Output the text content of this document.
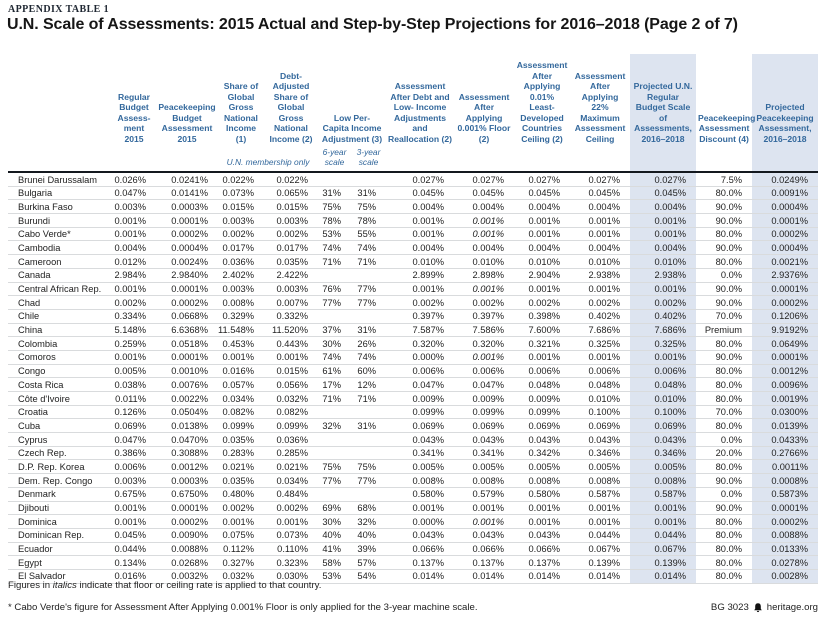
APPENDIX TABLE 1
U.N. Scale of Assessments: 2015 Actual and Step-by-Step Projections for 2016–2018 (Page 2 of 7)
	Regular Budget Assess- ment 2015	Peacekeeping Budget Assessment 2015	Share of Global Gross National Income (1)	Debt- Adjusted Share of Global Gross National Income (2)	Low Per- Capita Income Adjustment (3)		Assessment After Debt and Low- Income Adjustments and Reallocation (2)	Assessment After Applying 0.001% Floor (2)	Assessment After Applying 0.01% Least- Developed Countries Ceiling (2)	Assessment After Applying 22% Maximum Assessment Ceiling	Projected U.N. Regular Budget Scale of Assessments, 2016–2018	Peacekeeping Assessment Discount (4)	Projected Peacekeeping Assessment, 2016–2018
			U.N. membership only		6-year scale	3-year scale							
Brunei Darussalam	0.026%	0.0241%	0.022%	0.022%			0.027%	0.027%	0.027%	0.027%	0.027%	7.5%	0.0249%
Bulgaria	0.047%	0.0141%	0.073%	0.065%	31%	31%	0.045%	0.045%	0.045%	0.045%	0.045%	80.0%	0.0091%
Burkina Faso	0.003%	0.0003%	0.015%	0.015%	75%	75%	0.004%	0.004%	0.004%	0.004%	0.004%	90.0%	0.0004%
Burundi	0.001%	0.0001%	0.003%	0.003%	78%	78%	0.001%	0.001%	0.001%	0.001%	0.001%	90.0%	0.0001%
Cabo Verde*	0.001%	0.0002%	0.002%	0.002%	53%	55%	0.001%	0.001%	0.001%	0.001%	0.001%	80.0%	0.0002%
Cambodia	0.004%	0.0004%	0.017%	0.017%	74%	74%	0.004%	0.004%	0.004%	0.004%	0.004%	90.0%	0.0004%
Cameroon	0.012%	0.0024%	0.036%	0.035%	71%	71%	0.010%	0.010%	0.010%	0.010%	0.010%	80.0%	0.0021%
Canada	2.984%	2.9840%	2.402%	2.422%			2.899%	2.898%	2.904%	2.938%	2.938%	0.0%	2.9376%
Central African Rep.	0.001%	0.0001%	0.003%	0.003%	76%	77%	0.001%	0.001%	0.001%	0.001%	0.001%	90.0%	0.0001%
Chad	0.002%	0.0002%	0.008%	0.007%	77%	77%	0.002%	0.002%	0.002%	0.002%	0.002%	90.0%	0.0002%
Chile	0.334%	0.0668%	0.329%	0.332%			0.397%	0.397%	0.398%	0.402%	0.402%	70.0%	0.1206%
China	5.148%	6.6368%	11.548%	11.520%	37%	31%	7.587%	7.586%	7.600%	7.686%	7.686%	Premium	9.9192%
Colombia	0.259%	0.0518%	0.453%	0.443%	30%	26%	0.320%	0.320%	0.321%	0.325%	0.325%	80.0%	0.0649%
Comoros	0.001%	0.0001%	0.001%	0.001%	74%	74%	0.000%	0.001%	0.001%	0.001%	0.001%	90.0%	0.0001%
Congo	0.005%	0.0010%	0.016%	0.015%	61%	60%	0.006%	0.006%	0.006%	0.006%	0.006%	80.0%	0.0012%
Costa Rica	0.038%	0.0076%	0.057%	0.056%	17%	12%	0.047%	0.047%	0.048%	0.048%	0.048%	80.0%	0.0096%
Côte d'Ivoire	0.011%	0.0022%	0.034%	0.032%	71%	71%	0.009%	0.009%	0.009%	0.010%	0.010%	80.0%	0.0019%
Croatia	0.126%	0.0504%	0.082%	0.082%			0.099%	0.099%	0.099%	0.100%	0.100%	70.0%	0.0300%
Cuba	0.069%	0.0138%	0.099%	0.099%	32%	31%	0.069%	0.069%	0.069%	0.069%	0.069%	80.0%	0.0139%
Cyprus	0.047%	0.0470%	0.035%	0.036%			0.043%	0.043%	0.043%	0.043%	0.043%	0.0%	0.0433%
Czech Rep.	0.386%	0.3088%	0.283%	0.285%			0.341%	0.341%	0.342%	0.346%	0.346%	20.0%	0.2766%
D.P. Rep. Korea	0.006%	0.0012%	0.021%	0.021%	75%	75%	0.005%	0.005%	0.005%	0.005%	0.005%	80.0%	0.0011%
Dem. Rep. Congo	0.003%	0.0003%	0.035%	0.034%	77%	77%	0.008%	0.008%	0.008%	0.008%	0.008%	90.0%	0.0008%
Denmark	0.675%	0.6750%	0.480%	0.484%			0.580%	0.579%	0.580%	0.587%	0.587%	0.0%	0.5873%
Djibouti	0.001%	0.0001%	0.002%	0.002%	69%	68%	0.001%	0.001%	0.001%	0.001%	0.001%	90.0%	0.0001%
Dominica	0.001%	0.0002%	0.001%	0.001%	30%	32%	0.000%	0.001%	0.001%	0.001%	0.001%	80.0%	0.0002%
Dominican Rep.	0.045%	0.0090%	0.075%	0.073%	40%	40%	0.043%	0.043%	0.043%	0.044%	0.044%	80.0%	0.0088%
Ecuador	0.044%	0.0088%	0.112%	0.110%	41%	39%	0.066%	0.066%	0.066%	0.067%	0.067%	80.0%	0.0133%
Egypt	0.134%	0.0268%	0.327%	0.323%	58%	57%	0.137%	0.137%	0.137%	0.139%	0.139%	80.0%	0.0278%
El Salvador	0.016%	0.0032%	0.032%	0.030%	53%	54%	0.014%	0.014%	0.014%	0.014%	0.014%	80.0%	0.0028%
Figures in italics indicate that floor or ceiling rate is applied to that country.
* Cabo Verde's figure for Assessment After Applying 0.001% Floor is only applied for the 3-year machine scale.	BG 3023 heritage.org
